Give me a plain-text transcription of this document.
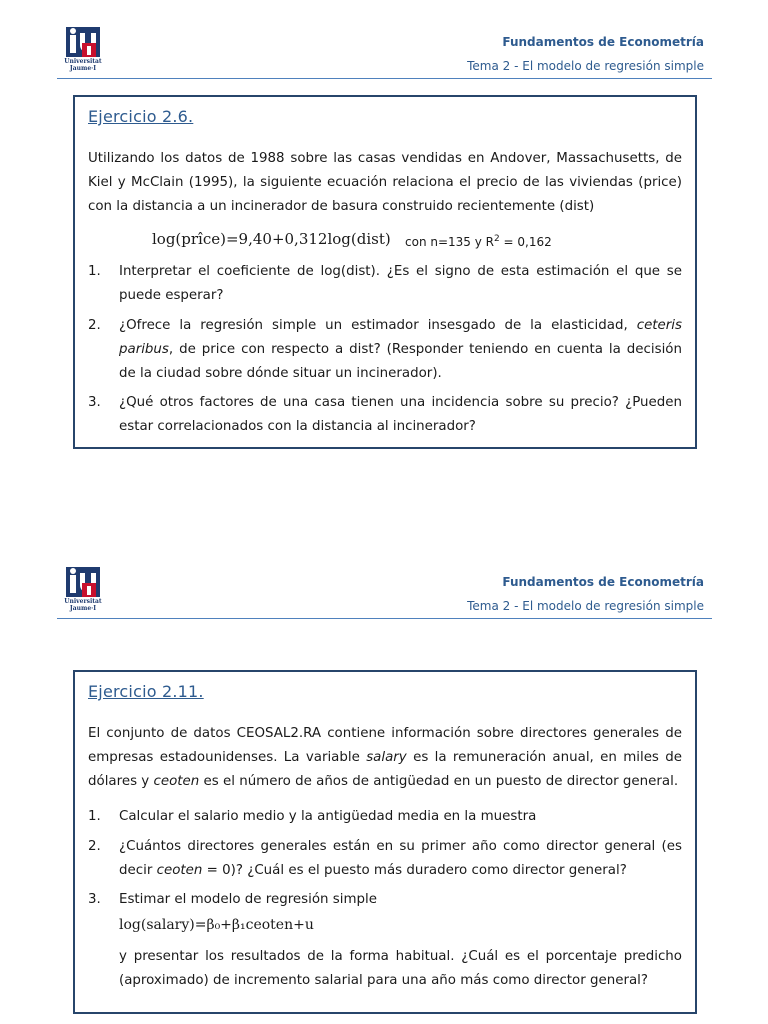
Universitat
Jaume·I
Fundamentos de Econometría
Tema 2 - El modelo de regresión simple
Ejercicio 2.6.
Utilizando los datos de 1988 sobre las casas vendidas en Andover, Massachusetts, de Kiel y McClain (1995), la siguiente ecuación relaciona el precio de las viviendas (price) con la distancia a un incinerador de basura construido recientemente (dist)
log(prîce)=9,40+0,312log(dist) con n=135 y $R^2 = 0,162$
1.	Interpretar el coeficiente de log(dist). ¿Es el signo de esta estimación el que se puede esperar?
2.	¿Ofrece la regresión simple un estimador insesgado de la elasticidad, ceteris paribus, de price con respecto a dist? (Responder teniendo en cuenta la decisión de la ciudad sobre dónde situar un incinerador).
3.	¿Qué otros factores de una casa tienen una incidencia sobre su precio? ¿Pueden estar correlacionados con la distancia al incinerador?
Universitat
Jaume·I
Fundamentos de Econometría
Tema 2 - El modelo de regresión simple
Ejercicio 2.11.
El conjunto de datos CEOSAL2.RA contiene información sobre directores generales de empresas estadounidenses. La variable salary es la remuneración anual, en miles de dólares y ceoten es el número de años de antigüedad en un puesto de director general.
1.	Calcular el salario medio y la antigüedad media en la muestra
2.	¿Cuántos directores generales están en su primer año como director general (es decir ceoten = 0)? ¿Cuál es el puesto más duradero como director general?
3.	Estimar el modelo de regresión simple
log(salary)=β₀+β₁ceoten+u
y presentar los resultados de la forma habitual. ¿Cuál es el porcentaje predicho (aproximado) de incremento salarial para una año más como director general?
